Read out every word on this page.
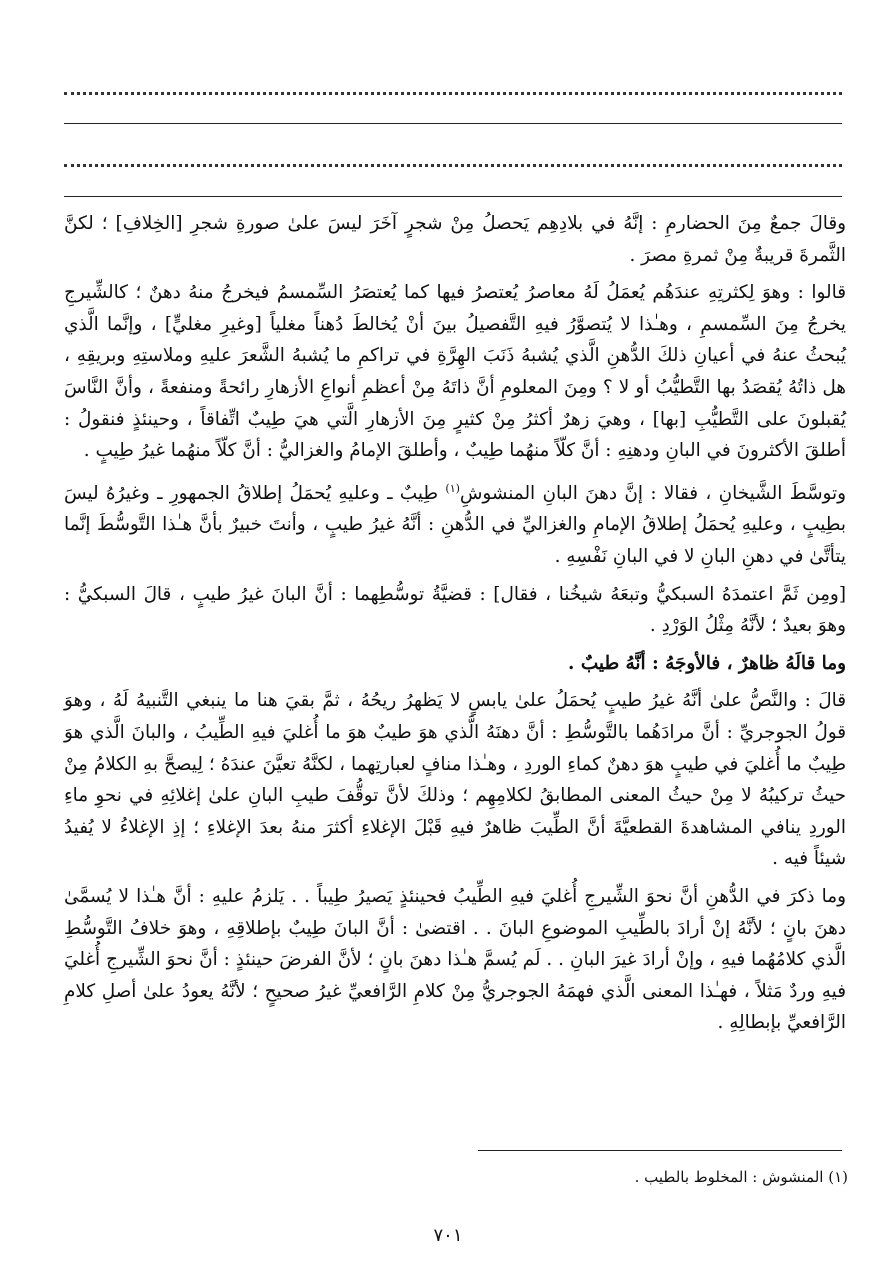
وقالَ جمعٌ مِنَ الحضارمِ : إنَّهُ في بلادِهِم يَحصلُ مِنْ شجرٍ آخَرَ ليسَ علىٰ صورةِ شجرِ [الخِلافِ] ؛ لكنَّ الثَّمرةَ قريبةٌ مِنْ ثمرةِ مصرَ .

قالوا : وهوَ لِكثرتِهِ عندَهُم يُعمَلُ لَهُ معاصرُ يُعتصرُ فيها كما يُعتصَرُ السِّمسمُ فيخرجُ منهُ دهنٌ ؛ كالشِّيرجِ يخرجُ مِنَ السِّمسمِ ، وهـٰذا لا يُتصوَّرُ فيهِ التَّفصيلُ بينَ أنْ يُخالطَ دُهناً مغلياً [وغيرِ مغليٍّ] ، وإنَّما الَّذي يُبحثُ عنهُ في أعيانِ ذلكَ الدُّهنِ الَّذي يُشبهُ ذَنَبَ الهِرَّةِ في تراكمِ ما يُشبهُ الشَّعرَ عليهِ وملاستِهِ وبريقِهِ ، هل ذاتُهُ يُقصَدُ بها التَّطيُّبُ أو لا ؟ ومِنَ المعلومِ أنَّ ذاتَهُ مِنْ أعظمِ أنواعِ الأزهارِ رائحةً ومنفعةً ، وأنَّ النَّاسَ يُقبلونَ على التَّطيُّبِ [بها] ، وهيَ زهرٌ أكثرُ مِنْ كثيرٍ مِنَ الأزهارِ الَّتي هيَ طِيبٌ اتِّفاقاً ، وحينئذٍ فنقولُ : أطلقَ الأكثرونَ في البانِ ودهنِهِ : أنَّ كلّاً منهُما طِيبٌ ، وأطلقَ الإمامُ والغزاليُّ : أنَّ كلّاً منهُما غيرُ طِيبٍ .

وتوسَّطَ الشَّيخانِ ، فقالا : إنَّ دهنَ البانِ المنشوشِ$^{(١)}$ طِيبٌ ـ وعليهِ يُحمَلُ إطلاقُ الجمهورِ ـ وغيرُهُ ليسَ بطِيبٍ ، وعليهِ يُحمَلُ إطلاقُ الإمامِ والغزاليِّ في الدُّهنِ : أنَّهُ غيرُ طيبٍ ، وأنتَ خبيرٌ بأنَّ هـٰذا التَّوسُّطَ إنَّما يتأتَّىٰ في دهنِ البانِ لا في البانِ نَفْسِهِ .

[ومِن ثَمَّ اعتمدَهُ السبكيُّ وتبعَهُ شيخُنا ، فقال] : قضيَّةُ توسُّطِهما : أنَّ البانَ غيرُ طيبٍ ، قالَ السبكيُّ : وهوَ بعيدٌ ؛ لأنَّهُ مِثْلُ الوَرْدِ .

وما قالَهُ ظاهرٌ ، فالأوجَهُ : أنَّهُ طيبٌ .

قالَ : والنَّصُّ علىٰ أنَّهُ غيرُ طيبٍ يُحمَلُ علىٰ يابسٍ لا يَظهرُ ريحُهُ ، ثمَّ بقيَ هنا ما ينبغي التَّنبيهُ لَهُ ، وهوَ قولُ الجوجريِّ : أنَّ مرادَهُما بالتَّوسُّطِ : أنَّ دهنَهُ الَّذي هوَ طيبٌ هوَ ما أُغليَ فيهِ الطِّيبُ ، والبانَ الَّذي هوَ طِيبٌ ما أُغليَ في طيبٍ هوَ دهنٌ كماءِ الوردِ ، وهـٰذا منافٍ لعبارتِهما ، لكنَّهُ تعيَّنَ عندَهُ ؛ لِيصحَّ بهِ الكلامُ مِنْ حيثُ تركيبُهُ لا مِنْ حيثُ المعنى المطابقُ لكلامِهِم ؛ وذلكَ لأنَّ توقُّفَ طيبِ البانِ علىٰ إغلائِهِ في نحوِ ماءِ الوردِ ينافي المشاهدةَ القطعيَّةَ أنَّ الطِّيبَ ظاهرٌ فيهِ قَبْلَ الإغلاءِ أكثرَ منهُ بعدَ الإغلاءِ ؛ إذِ الإغلاءُ لا يُفيدُ شيئاً فيه .

وما ذكرَ في الدُّهنِ أنَّ نحوَ الشِّيرجِ أُغليَ فيهِ الطِّيبُ فحينئذٍ يَصيرُ طِيباً . . يَلزمُ عليهِ : أنَّ هـٰذا لا يُسمَّىٰ دهنَ بانٍ ؛ لأنَّهُ إنْ أرادَ بالطِّيبِ الموضوعِ البانَ . . اقتضىٰ : أنَّ البانَ طِيبٌ بإطلاقِهِ ، وهوَ خلافُ التَّوسُّطِ الَّذي كلامُهُما فيهِ ، وإنْ أرادَ غيرَ البانِ . . لَم يُسمَّ هـٰذا دهنَ بانٍ ؛ لأنَّ الفرضَ حينئذٍ : أنَّ نحوَ الشِّيرجِ أُغليَ فيهِ وردٌ مَثلاً ، فهـٰذا المعنى الَّذي فهمَهُ الجوجريُّ مِنْ كلامِ الرَّافعيِّ غيرُ صحيحٍ ؛ لأنَّهُ يعودُ علىٰ أصلِ كلامِ الرَّافعيِّ بإبطالِهِ .

(١) المنشوش : المخلوط بالطيب .
٧٠١
